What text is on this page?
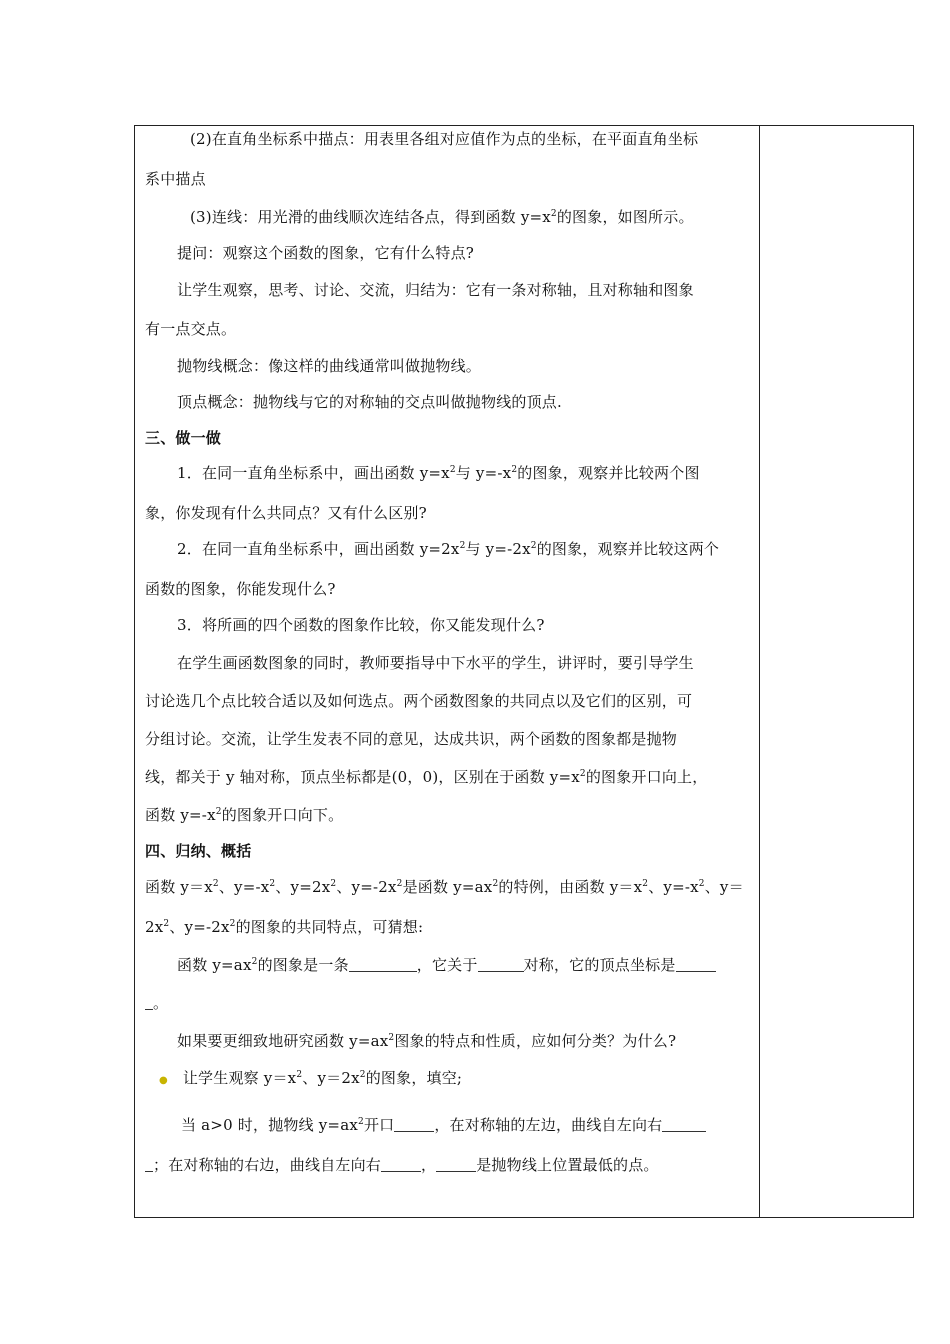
(2)在直角坐标系中描点：用表里各组对应值作为点的坐标，在平面直角坐标
系中描点
(3)连线：用光滑的曲线顺次连结各点，得到函数 $y=x^2$的图象，如图所示。
提问：观察这个函数的图象，它有什么特点?
让学生观察，思考、讨论、交流，归结为：它有一条对称轴，且对称轴和图象
有一点交点。
抛物线概念：像这样的曲线通常叫做抛物线。
顶点概念：抛物线与它的对称轴的交点叫做抛物线的顶点.
三、做一做
1．在同一直角坐标系中，画出函数 $y=x^2$与 $y=-x^2$的图象，观察并比较两个图
象，你发现有什么共同点？又有什么区别?
2．在同一直角坐标系中，画出函数 $y=2x^2$与 $y=-2x^2$的图象，观察并比较这两个
函数的图象，你能发现什么?
3．将所画的四个函数的图象作比较，你又能发现什么?
在学生画函数图象的同时，教师要指导中下水平的学生，讲评时，要引导学生
讨论选几个点比较合适以及如何选点。两个函数图象的共同点以及它们的区别，可
分组讨论。交流，让学生发表不同的意见，达成共识，两个函数的图象都是抛物
线，都关于 y 轴对称，顶点坐标都是(0，0)，区别在于函数 $y=x^2$的图象开口向上，
函数 $y=-x^2$的图象开口向下。
四、归纳、概括
函数 $y=x^2$、$y=-x^2$、$y=2x^2$、$y=-2x^2$是函数 $y=ax^2$的特例，由函数 $y=x^2$、$y=-x^2$、y＝
$2x^2$、$y=-2x^2$的图象的共同特点，可猜想:
函数 $y=ax^2$的图象是一条	，它关于	对称，它的顶点坐标是
。
如果要更细致地研究函数 $y=ax^2$图象的特点和性质，应如何分类？为什么?
● 让学生观察 $y=x^2$、$y=2x^2$的图象，填空;
当 a>0 时，抛物线 $y=ax^2$开口	，在对称轴的左边，曲线自左向右
；在对称轴的右边，曲线自左向右	，	是抛物线上位置最低的点。
